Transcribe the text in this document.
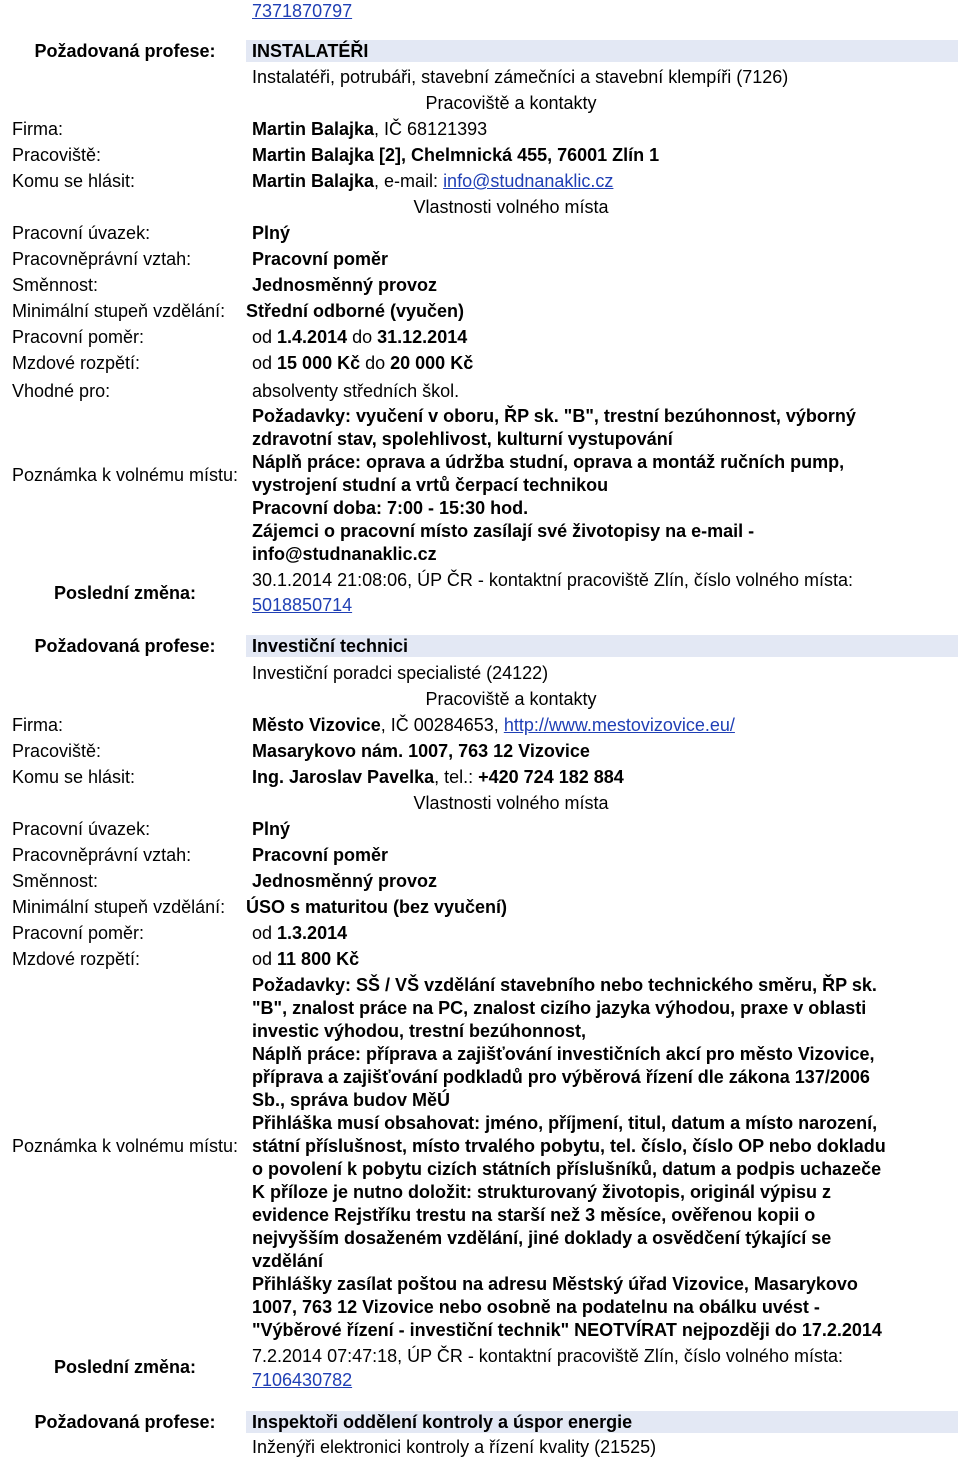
7371870797
Požadovaná profese:	INSTALATÉŘI
Instalatéři, potrubáři, stavební zámečníci a stavební klempíři (7126)
Pracoviště a kontakty
Firma:	Martin Balajka, IČ 68121393
Pracoviště:	Martin Balajka [2], Chelmnická 455, 76001 Zlín 1
Komu se hlásit:	Martin Balajka, e-mail: info@studnanaklic.cz
Vlastnosti volného místa
Pracovní úvazek:	Plný
Pracovněprávní vztah:	Pracovní poměr
Směnnost:	Jednosměnný provoz
Minimální stupeň vzdělání: Střední odborné (vyučen)
Pracovní poměr:	od 1.4.2014 do 31.12.2014
Mzdové rozpětí:	od 15 000 Kč do 20 000 Kč
Vhodné pro:	absolventy středních škol.
Poznámka k volnému místu:
Požadavky: vyučení v oboru, ŘP sk. "B", trestní bezúhonnost, výborný
zdravotní stav, spolehlivost, kulturní vystupování
Náplň práce: oprava a údržba studní, oprava a montáž ručních pump,
vystrojení studní a vrtů čerpací technikou
Pracovní doba: 7:00 - 15:30 hod.
Zájemci o pracovní místo zasílají své životopisy na e-mail -
info@studnanaklic.cz
Poslední změna:
30.1.2014 21:08:06, ÚP ČR - kontaktní pracoviště Zlín, číslo volného místa:
5018850714
Požadovaná profese:	Investiční technici
Investiční poradci specialisté (24122)
Pracoviště a kontakty
Firma:	Město Vizovice, IČ 00284653, http://www.mestovizovice.eu/
Pracoviště:	Masarykovo nám. 1007, 763 12 Vizovice
Komu se hlásit:	Ing. Jaroslav Pavelka, tel.: +420 724 182 884
Vlastnosti volného místa
Pracovní úvazek:	Plný
Pracovněprávní vztah:	Pracovní poměr
Směnnost:	Jednosměnný provoz
Minimální stupeň vzdělání: ÚSO s maturitou (bez vyučení)
Pracovní poměr:	od 1.3.2014
Mzdové rozpětí:	od 11 800 Kč
Poznámka k volnému místu:
Požadavky: SŠ / VŠ vzdělání stavebního nebo technického směru, ŘP sk.
"B", znalost práce na PC, znalost cizího jazyka výhodou, praxe v oblasti
investic výhodou, trestní bezúhonnost,
Náplň práce: příprava a zajišťování investičních akcí pro město Vizovice,
příprava a zajišťování podkladů pro výběrová řízení dle zákona 137/2006
Sb., správa budov MěÚ
Přihláška musí obsahovat: jméno, příjmení, titul, datum a místo narození,
státní příslušnost, místo trvalého pobytu, tel. číslo, číslo OP nebo dokladu
o povolení k pobytu cizích státních příslušníků, datum a podpis uchazeče
K příloze je nutno doložit: strukturovaný životopis, originál výpisu z
evidence Rejstříku trestu na starší než 3 měsíce, ověřenou kopii o
nejvyšším dosaženém vzdělání, jiné doklady a osvědčení týkající se
vzdělání
Přihlášky zasílat poštou na adresu Městský úřad Vizovice, Masarykovo
1007, 763 12 Vizovice nebo osobně na podatelnu na obálku uvést -
"Výběrové řízení - investiční technik" NEOTVÍRAT nejpozději do 17.2.2014
Poslední změna:
7.2.2014 07:47:18, ÚP ČR - kontaktní pracoviště Zlín, číslo volného místa:
7106430782
Požadovaná profese:	Inspektoři oddělení kontroly a úspor energie
Inženýři elektronici kontroly a řízení kvality (21525)
